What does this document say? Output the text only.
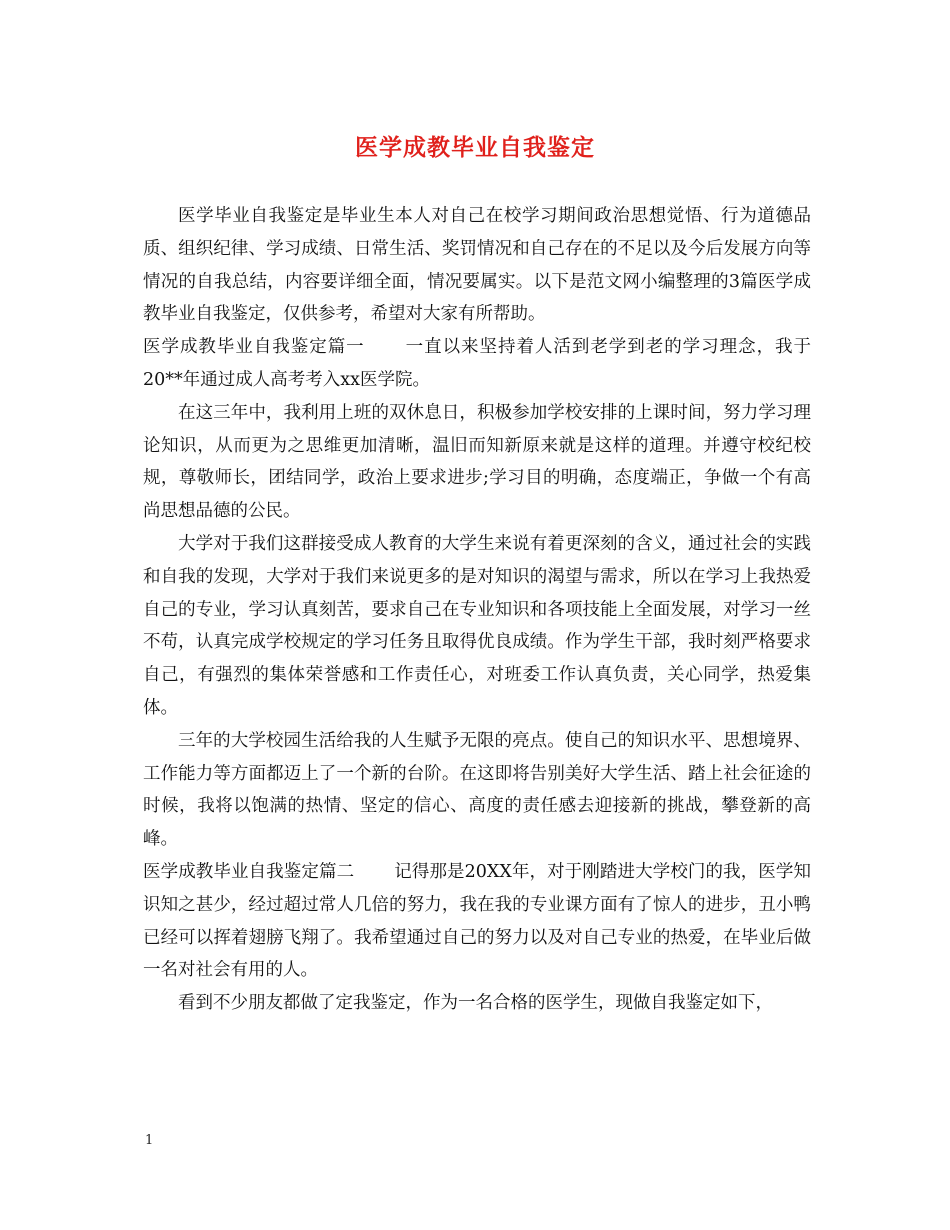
医学成教毕业自我鉴定

医学毕业自我鉴定是毕业生本人对自己在校学习期间政治思想觉悟、行为道德品质、组织纪律、学习成绩、日常生活、奖罚情况和自己存在的不足以及今后发展方向等情况的自我总结，内容要详细全面，情况要属实。以下是范文网小编整理的3篇医学成教毕业自我鉴定，仅供参考，希望对大家有所帮助。

医学成教毕业自我鉴定篇一 一直以来坚持着人活到老学到老的学习理念，我于20**年通过成人高考考入xx医学院。

在这三年中，我利用上班的双休息日，积极参加学校安排的上课时间，努力学习理论知识，从而更为之思维更加清晰，温旧而知新原来就是这样的道理。并遵守校纪校规，尊敬师长，团结同学，政治上要求进步;学习目的明确，态度端正，争做一个有高尚思想品德的公民。

大学对于我们这群接受成人教育的大学生来说有着更深刻的含义，通过社会的实践和自我的发现，大学对于我们来说更多的是对知识的渴望与需求，所以在学习上我热爱自己的专业，学习认真刻苦，要求自己在专业知识和各项技能上全面发展，对学习一丝不苟，认真完成学校规定的学习任务且取得优良成绩。作为学生干部，我时刻严格要求自己，有强烈的集体荣誉感和工作责任心，对班委工作认真负责，关心同学，热爱集体。

三年的大学校园生活给我的人生赋予无限的亮点。使自己的知识水平、思想境界、工作能力等方面都迈上了一个新的台阶。在这即将告别美好大学生活、踏上社会征途的时候，我将以饱满的热情、坚定的信心、高度的责任感去迎接新的挑战，攀登新的高峰。

医学成教毕业自我鉴定篇二 记得那是20XX年，对于刚踏进大学校门的我，医学知识知之甚少，经过超过常人几倍的努力，我在我的专业课方面有了惊人的进步，丑小鸭已经可以挥着翅膀飞翔了。我希望通过自己的努力以及对自己专业的热爱，在毕业后做一名对社会有用的人。

看到不少朋友都做了定我鉴定，作为一名合格的医学生，现做自我鉴定如下，

1
